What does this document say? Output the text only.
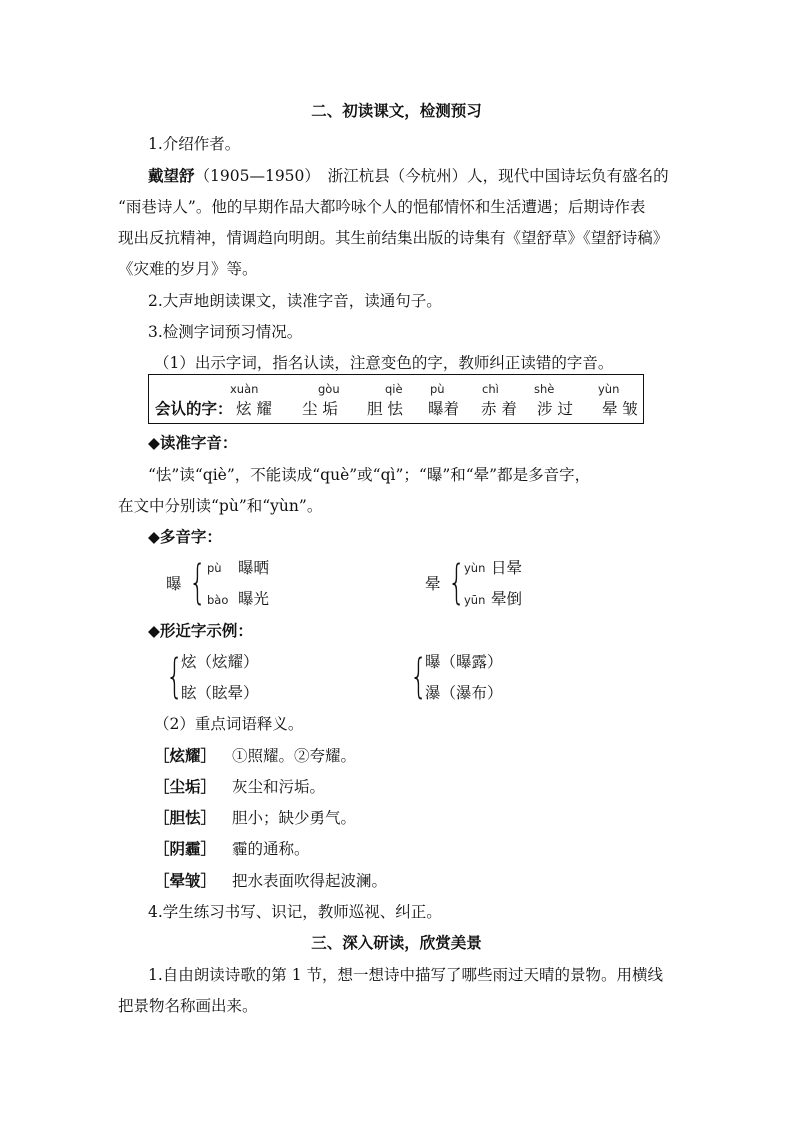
二、初读课文，检测预习
1.介绍作者。
戴望舒（1905—1950）　浙江杭县（今杭州）人，现代中国诗坛负有盛名的
“雨巷诗人”。他的早期作品大都吟咏个人的悒郁情怀和生活遭遇；后期诗作表
现出反抗精神，情调趋向明朗。其生前结集出版的诗集有《望舒草》《望舒诗稿》
《灾难的岁月》等。
2.大声地朗读课文，读准字音，读通句子。
3.检测字词预习情况。
（1）出示字词，指名认读，注意变色的字，教师纠正读错的字音。
会认的字：
xuàn
炫 耀
gòu
尘 垢
qiè
胆 怯
pù
曝着
chì
赤 着
shè
涉 过
yùn
晕 皱
◆读准字音：
“怯”读“qiè”，不能读成“què”或“qì”；“曝”和“晕”都是多音字，
在文中分别读“pù”和“yùn”。
◆多音字：
曝 { pù 曝晒
bào 曝光
晕 {
yùn 日晕
yūn 晕倒
◆形近字示例：
{
炫（炫耀）
眩（眩晕）	{
曝（曝露）
瀑（瀑布）
（2）重点词语释义。
［炫耀］ ①照耀。②夸耀。
［尘垢］ 灰尘和污垢。
［胆怯］ 胆小；缺少勇气。
［阴霾］ 霾的通称。
［晕皱］ 把水表面吹得起波澜。
4.学生练习书写、识记，教师巡视、纠正。
三、深入研读，欣赏美景
1.自由朗读诗歌的第 1 节，想一想诗中描写了哪些雨过天晴的景物。用横线
把景物名称画出来。
